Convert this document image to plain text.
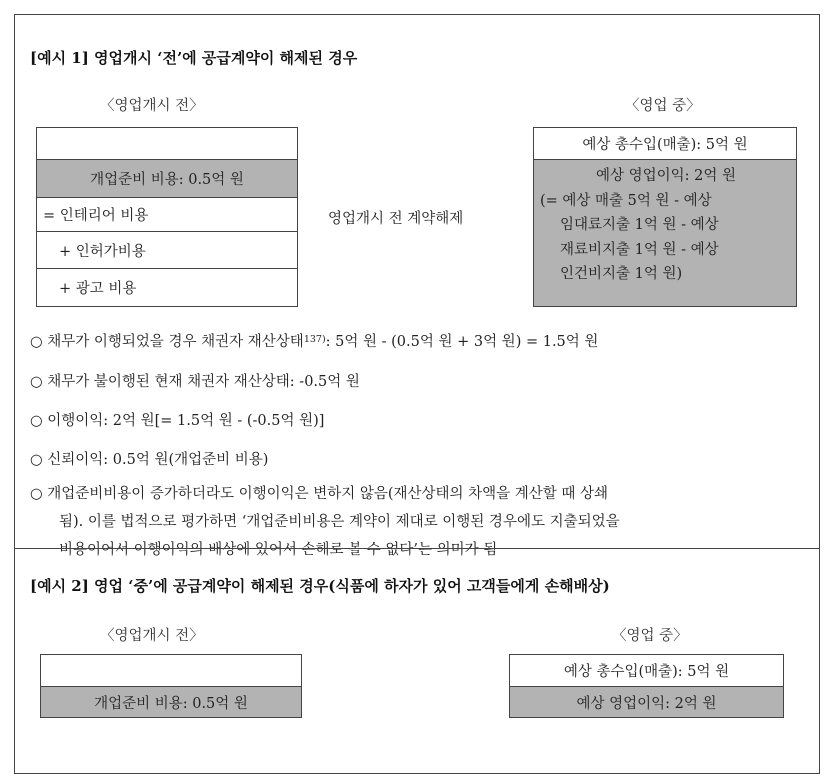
[예시 1] 영업개시 ‘전’에 공급계약이 해제된 경우
〈영업개시 전〉	〈영업 중〉
개업준비 비용: 0.5억 원
= 인테리어 비용
+ 인허가비용
+ 광고 비용
영업개시 전 계약해제
예상 총수입(매출): 5억 원
예상 영업이익: 2억 원
(= 예상 매출 5억 원 - 예상
임대료지출 1억 원 - 예상
재료비지출 1억 원 - 예상
인건비지출 1억 원)
○ 채무가 이행되었을 경우 채권자 재산상태$^{137)}$: 5억 원 - (0.5억 원 + 3억 원) = 1.5억 원
○ 채무가 불이행된 현재 채권자 재산상태: -0.5억 원
○ 이행이익: 2억 원[= 1.5억 원 - (-0.5억 원)]
○ 신뢰이익: 0.5억 원(개업준비 비용)
○ 개업준비비용이 증가하더라도 이행이익은 변하지 않음(재산상태의 차액을 계산할 때 상쇄
됨). 이를 법적으로 평가하면 ‘개업준비비용은 계약이 제대로 이행된 경우에도 지출되었을
비용이어서 이행이익의 배상에 있어서 손해로 볼 수 없다’는 의미가 됨
[예시 2] 영업 ‘중’에 공급계약이 해제된 경우(식품에 하자가 있어 고객들에게 손해배상)
〈영업개시 전〉	〈영업 중〉
개업준비 비용: 0.5억 원
예상 총수입(매출): 5억 원
예상 영업이익: 2억 원
